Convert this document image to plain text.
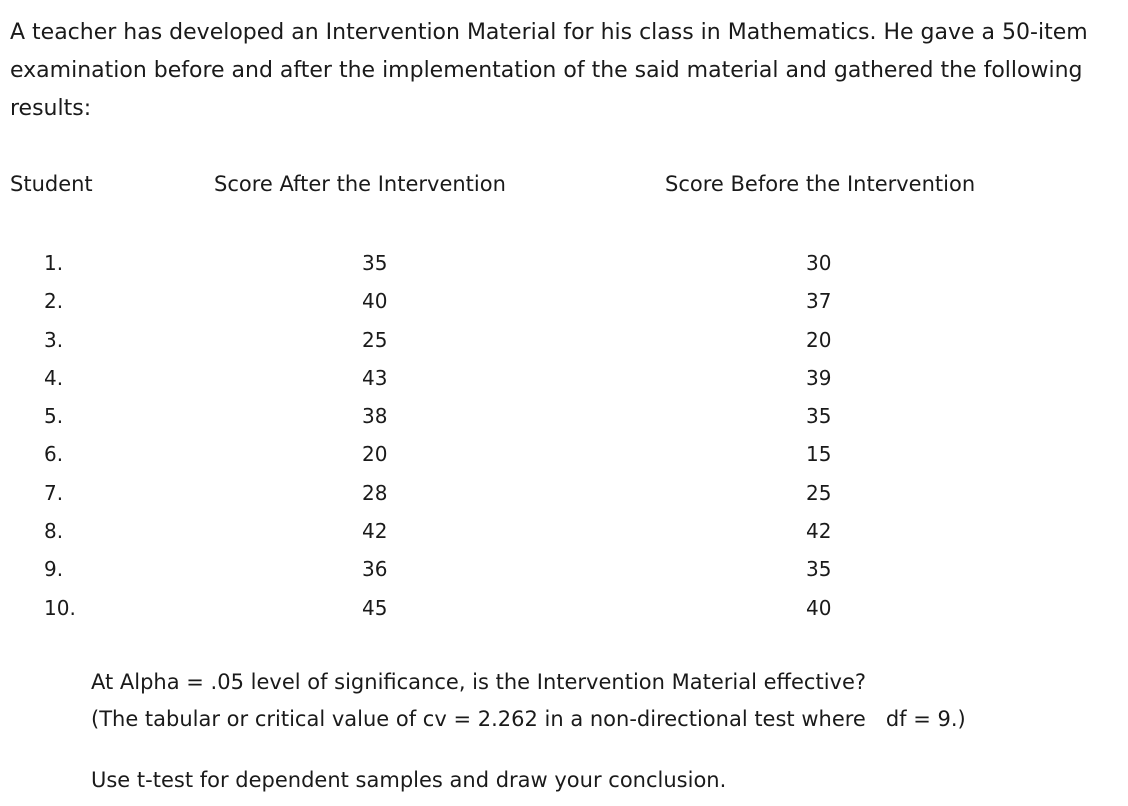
A teacher has developed an Intervention Material for his class in Mathematics. He gave a 50-item examination before and after the implementation of the said material and gathered the following results:

Student	Score After the Intervention	Score Before the Intervention
1.	35	30
2.	40	37
3.	25	20
4.	43	39
5.	38	35
6.	20	15
7.	28	25
8.	42	42
9.	36	35
10.	45	40
At Alpha = .05 level of significance, is the Intervention Material effective?
(The tabular or critical value of cv = 2.262 in a non-directional test where   df = 9.)
Use t-test for dependent samples and draw your conclusion.
